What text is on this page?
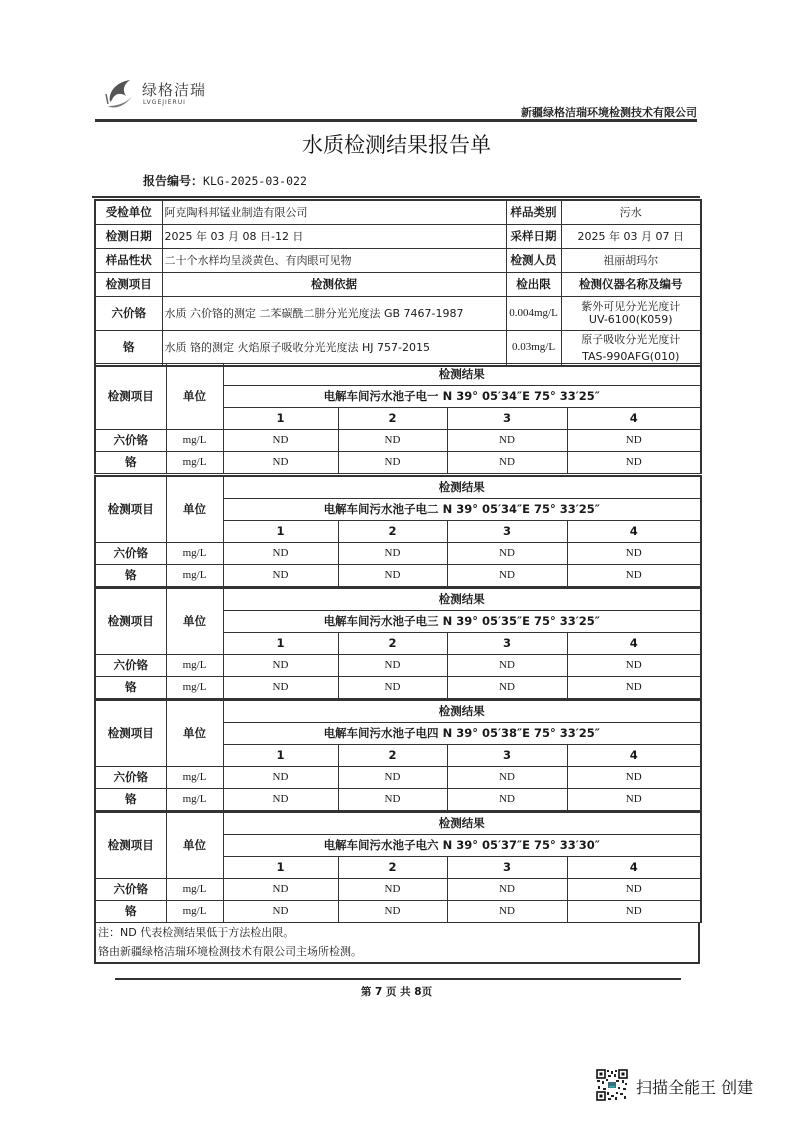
绿格洁瑞
LVGEJIERUI
新疆绿格洁瑞环境检测技术有限公司
水质检测结果报告单
报告编号：KLG-2025-03-022
受检单位	阿克陶科邦锰业制造有限公司	样品类别	污水
检测日期	2025 年 03 月 08 日-12 日	采样日期	2025 年 03 月 07 日
样品性状	二十个水样均呈淡黄色、有肉眼可见物	检测人员	祖丽胡玛尔
检测项目	检测依据	检出限	检测仪器名称及编号
六价铬	水质 六价铬的测定 二苯碳酰二肼分光光度法 GB 7467-1987	0.004mg/L	紫外可见分光光度计
UV-6100(K059)

铬	水质 铬的测定 火焰原子吸收分光光度法 HJ 757-2015	0.03mg/L	原子吸收分光光度计
TAS-990AFG(010)
检测项目	单位	检测结果			
		电解车间污水池子电一 N 39° 05′34″E 75° 33′25″			
		1	2	3	4
六价铬	mg/L	ND	ND	ND	ND
铬	mg/L	ND	ND	ND	ND
检测项目	单位	检测结果			
		电解车间污水池子电二 N 39° 05′34″E 75° 33′25″			
		1	2	3	4
六价铬	mg/L	ND	ND	ND	ND
铬	mg/L	ND	ND	ND	ND
检测项目	单位	检测结果			
		电解车间污水池子电三 N 39° 05′35″E 75° 33′25″			
		1	2	3	4
六价铬	mg/L	ND	ND	ND	ND
铬	mg/L	ND	ND	ND	ND
检测项目	单位	检测结果			
		电解车间污水池子电四 N 39° 05′38″E 75° 33′25″			
		1	2	3	4
六价铬	mg/L	ND	ND	ND	ND
铬	mg/L	ND	ND	ND	ND
检测项目	单位	检测结果			
		电解车间污水池子电六 N 39° 05′37″E 75° 33′30″			
		1	2	3	4
六价铬	mg/L	ND	ND	ND	ND
铬	mg/L	ND	ND	ND	ND
注：ND 代表检测结果低于方法检出限。
铬由新疆绿格洁瑞环境检测技术有限公司主场所检测。
第 7 页 共 8页
扫描全能王 创建
